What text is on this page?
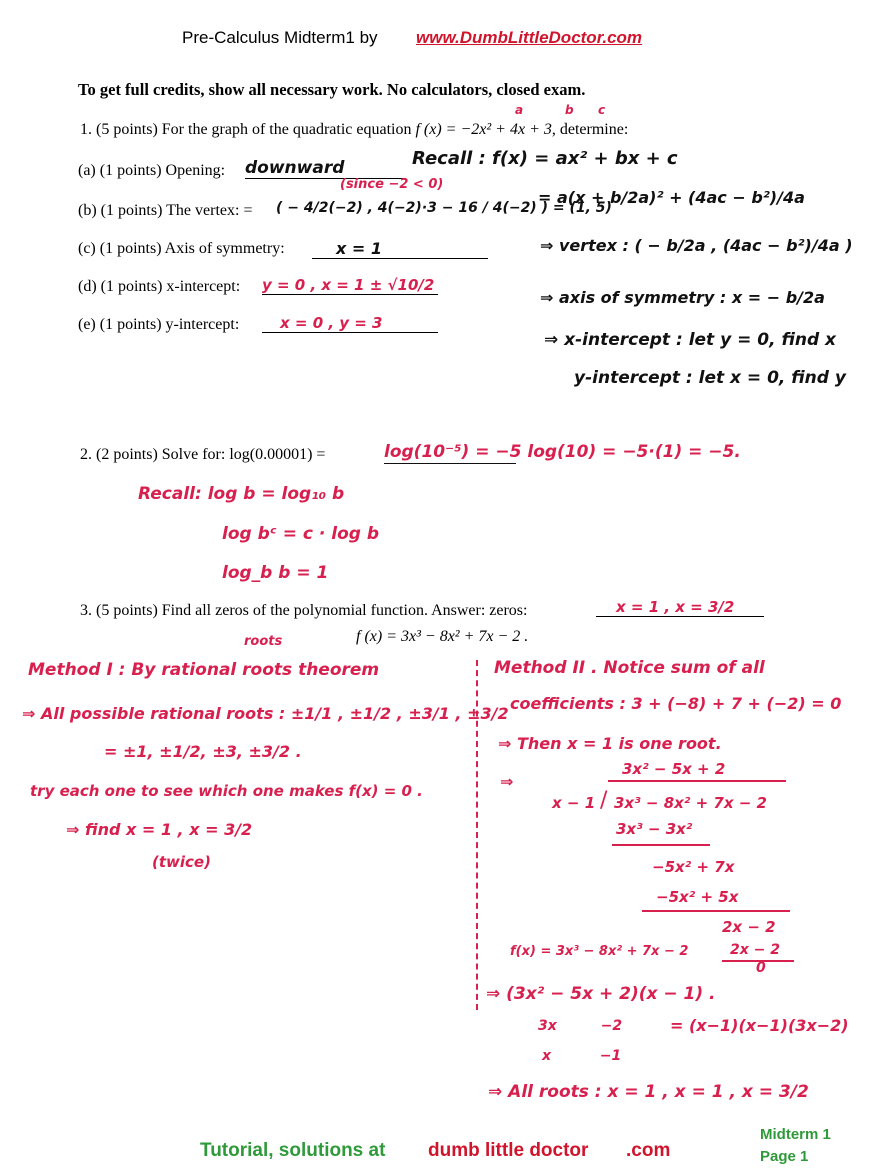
Pre-Calculus Midterm1 by www.DumbLittleDoctor.com
To get full credits, show all necessary work. No calculators, closed exam.
1. (5 points) For the graph of the quadratic equation f (x) = −2x² + 4x + 3, determine:
a	b c
(a) (1 points) Opening: downward
(since −2 < 0)
(b) (1 points) The vertex: = ( − 4/2(−2) , 4(−2)·3 − 16 / 4(−2) ) = (1, 5)
(c) (1 points) Axis of symmetry:	x = 1
(d) (1 points) x-intercept: y = 0 , x = 1 ± √10/2
(e) (1 points) y-intercept:	x = 0 , y = 3
Recall : f(x) = ax² + bx + c
= a(x + b/2a)² + (4ac − b²)/4a
⇒ vertex : ( − b/2a , (4ac − b²)/4a )
⇒ axis of symmetry : x = − b/2a
⇒ x-intercept : let y = 0, find x
y-intercept : let x = 0, find y
2. (2 points) Solve for: log(0.00001) =	log(10⁻⁵) = −5 log(10) = −5·(1) = −5.
Recall: log b = log₁₀ b
log bᶜ = c · log b
log_b b = 1
3. (5 points) Find all zeros of the polynomial function. Answer: zeros:	x = 1 , x = 3/2
roots	f (x) = 3x³ − 8x² + 7x − 2 .
Method I : By rational roots theorem
⇒ All possible rational roots : ±1/1 , ±1/2 , ±3/1 , ±3/2
= ±1, ±1/2, ±3, ±3/2 .
try each one to see which one makes f(x) = 0 .
⇒ find x = 1 , x = 3/2
(twice)
Method II . Notice sum of all
coefficients : 3 + (−8) + 7 + (−2) = 0
⇒ Then x = 1 is one root.
⇒
3x² − 5x + 2
x − 1 / 3x³ − 8x² + 7x − 2
3x³ − 3x²
−5x² + 7x
−5x² + 5x
2x − 2
2x − 2
0
f(x) = 3x³ − 8x² + 7x − 2
⇒ (3x² − 5x + 2)(x − 1) .
3x         −2
x          −1
= (x−1)(x−1)(3x−2)
⇒ All roots : x = 1 , x = 1 , x = 3/2
Tutorial, solutions at dumb little doctor .com
Midterm 1
Page 1
